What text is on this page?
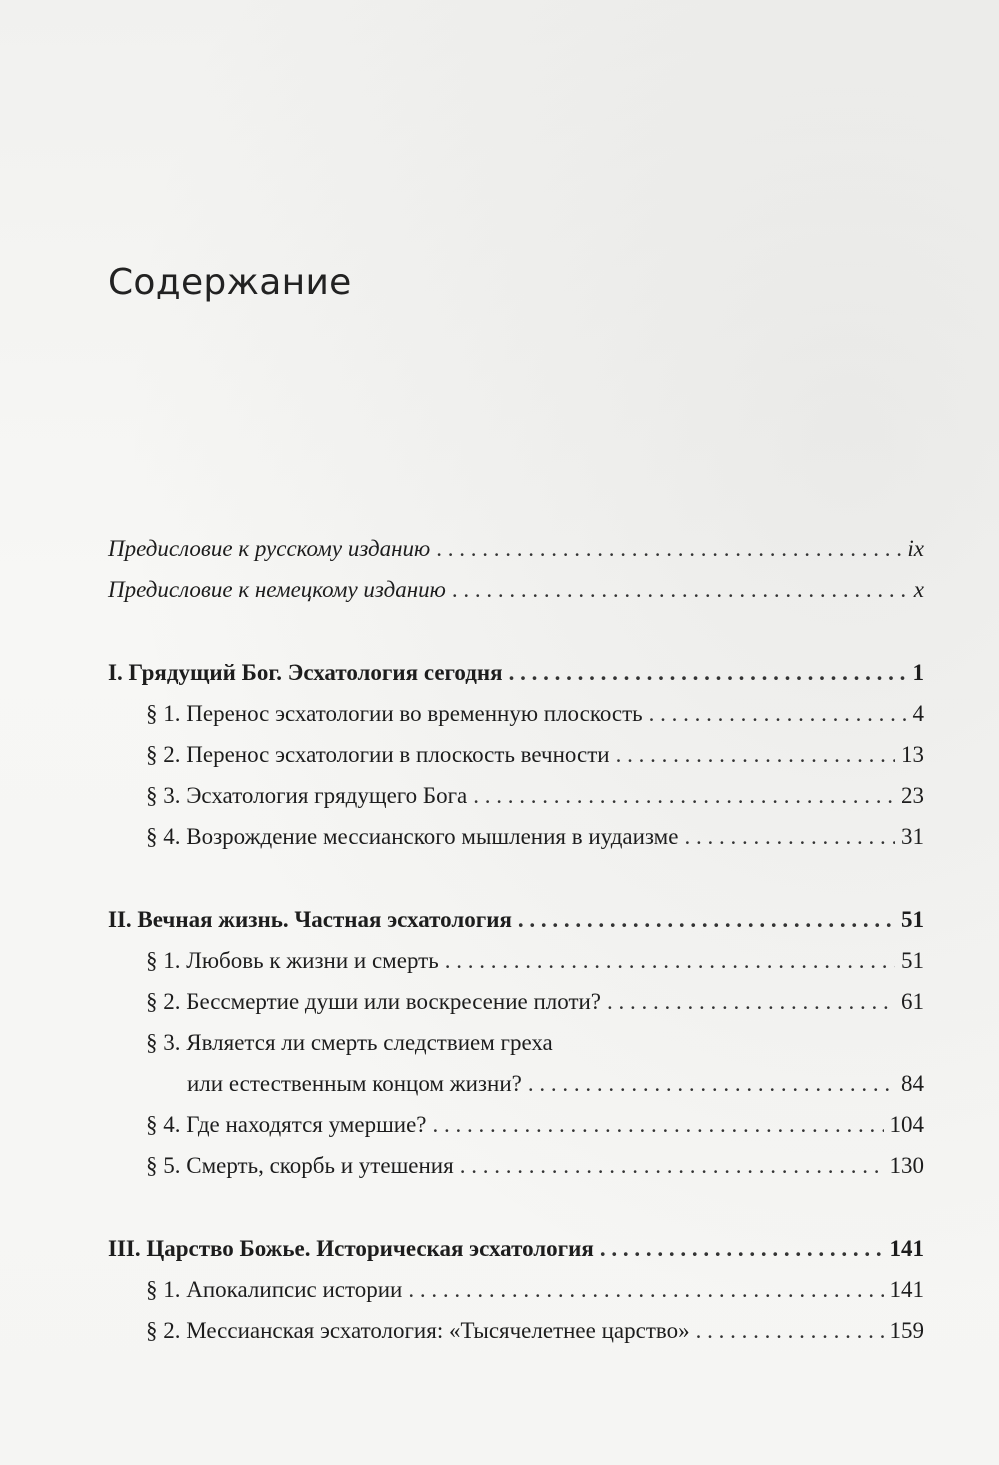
Содержание
Предисловие к русскому изданию . . .	ix
Предисловие к немецкому изданию . . .	x
I. Грядущий Бог. Эсхатология сегодня . . .	1
§ 1. Перенос эсхатологии во временную плоскость . . .	4
§ 2. Перенос эсхатологии в плоскость вечности . . .	13
§ 3. Эсхатология грядущего Бога . . .	23
§ 4. Возрождение мессианского мышления в иудаизме . . .	31
II. Вечная жизнь. Частная эсхатология . . .	51
§ 1. Любовь к жизни и смерть . . .	51
§ 2. Бессмертие души или воскресение плоти? . . .	61
§ 3. Является ли смерть следствием греха
или естественным концом жизни? . . .	84
§ 4. Где находятся умершие? . . .	104
§ 5. Смерть, скорбь и утешения . . .	130
III. Царство Божье. Историческая эсхатология . . .	141
§ 1. Апокалипсис истории . . .	141
§ 2. Мессианская эсхатология: «Тысячелетнее царство» . . .	159
